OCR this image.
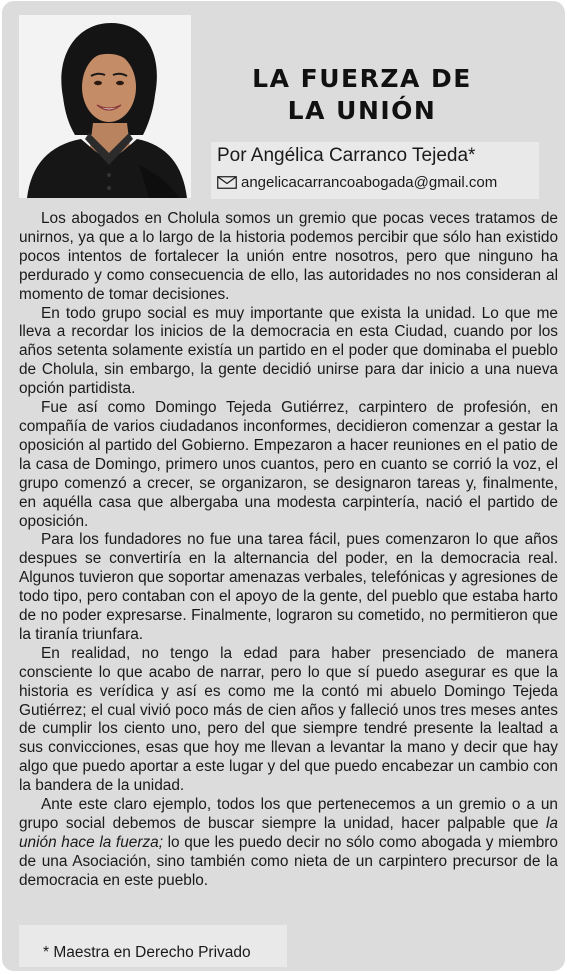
LA FUERZA DE
LA UNIÓN
Por Angélica Carranco Tejeda*
angelicacarrancoabogada@gmail.com

Los abogados en Cholula somos un gremio que pocas veces tratamos de unirnos, ya que a lo largo de la historia podemos percibir que sólo han existido pocos intentos de fortalecer la unión entre nosotros, pero que ninguno ha perdurado y como consecuencia de ello, las autoridades no nos consideran al momento de tomar decisiones.

En todo grupo social es muy importante que exista la unidad. Lo que me lleva a recordar los inicios de la democracia en esta Ciudad, cuando por los años setenta solamente existía un partido en el poder que dominaba el pueblo de Cholula, sin embargo, la gente decidió unirse para dar inicio a una nueva opción partidista.

Fue así como Domingo Tejeda Gutiérrez, carpintero de profesión, en compañía de varios ciudadanos inconformes, decidieron comenzar a gestar la oposición al partido del Gobierno. Empezaron a hacer reuniones en el patio de la casa de Domingo, primero unos cuantos, pero en cuanto se corrió la voz, el grupo comenzó a crecer, se organizaron, se designaron tareas y, finalmente, en aquélla casa que albergaba una modesta carpintería, nació el partido de oposición.

Para los fundadores no fue una tarea fácil, pues comenzaron lo que años despues se convertiría en la alternancia del poder, en la democracia real. Algunos tuvieron que soportar amenazas verbales, telefónicas y agresiones de todo tipo, pero contaban con el apoyo de la gente, del pueblo que estaba harto de no poder expresarse. Finalmente, lograron su cometido, no permitieron que la tiranía triunfara.

En realidad, no tengo la edad para haber presenciado de manera consciente lo que acabo de narrar, pero lo que sí puedo asegurar es que la historia es verídica y así es como me la contó mi abuelo Domingo Tejeda Gutiérrez; el cual vivió poco más de cien años y falleció unos tres meses antes de cumplir los ciento uno, pero del que siempre tendré presente la lealtad a sus convicciones, esas que hoy me llevan a levantar la mano y decir que hay algo que puedo aportar a este lugar y del que puedo encabezar un cambio con la bandera de la unidad.

Ante este claro ejemplo, todos los que pertenecemos a un gremio o a un grupo social debemos de buscar siempre la unidad, hacer palpable que la unión hace la fuerza; lo que les puedo decir no sólo como abogada y miembro de una Asociación, sino también como nieta de un carpintero precursor de la democracia en este pueblo.

* Maestra en Derecho Privado
